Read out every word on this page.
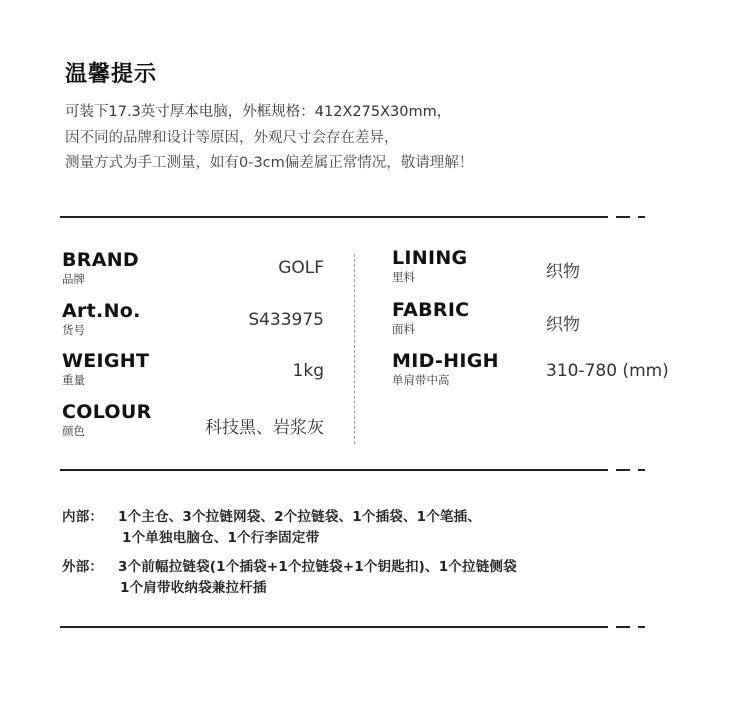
温馨提示
可装下17.3英寸厚本电脑，外框规格：412X275X30mm，
因不同的品牌和设计等原因，外观尺寸会存在差异，
测量方式为手工测量，如有0-3cm偏差属正常情况，敬请理解！
BRAND
品牌
GOLF
Art.No.
货号	S433975
WEIGHT
重量	1kg
COLOUR
颜色	科技黑、岩浆灰
LINING
里料	织物
FABRIC
面料	织物
MID-HIGH
单肩带中高	310-780 (mm)
内部： 1个主仓、3个拉链网袋、2个拉链袋、1个插袋、1个笔插、
1个单独电脑仓、1个行李固定带
外部： 3个前幅拉链袋(1个插袋+1个拉链袋+1个钥匙扣)、1个拉链侧袋
1个肩带收纳袋兼拉杆插
